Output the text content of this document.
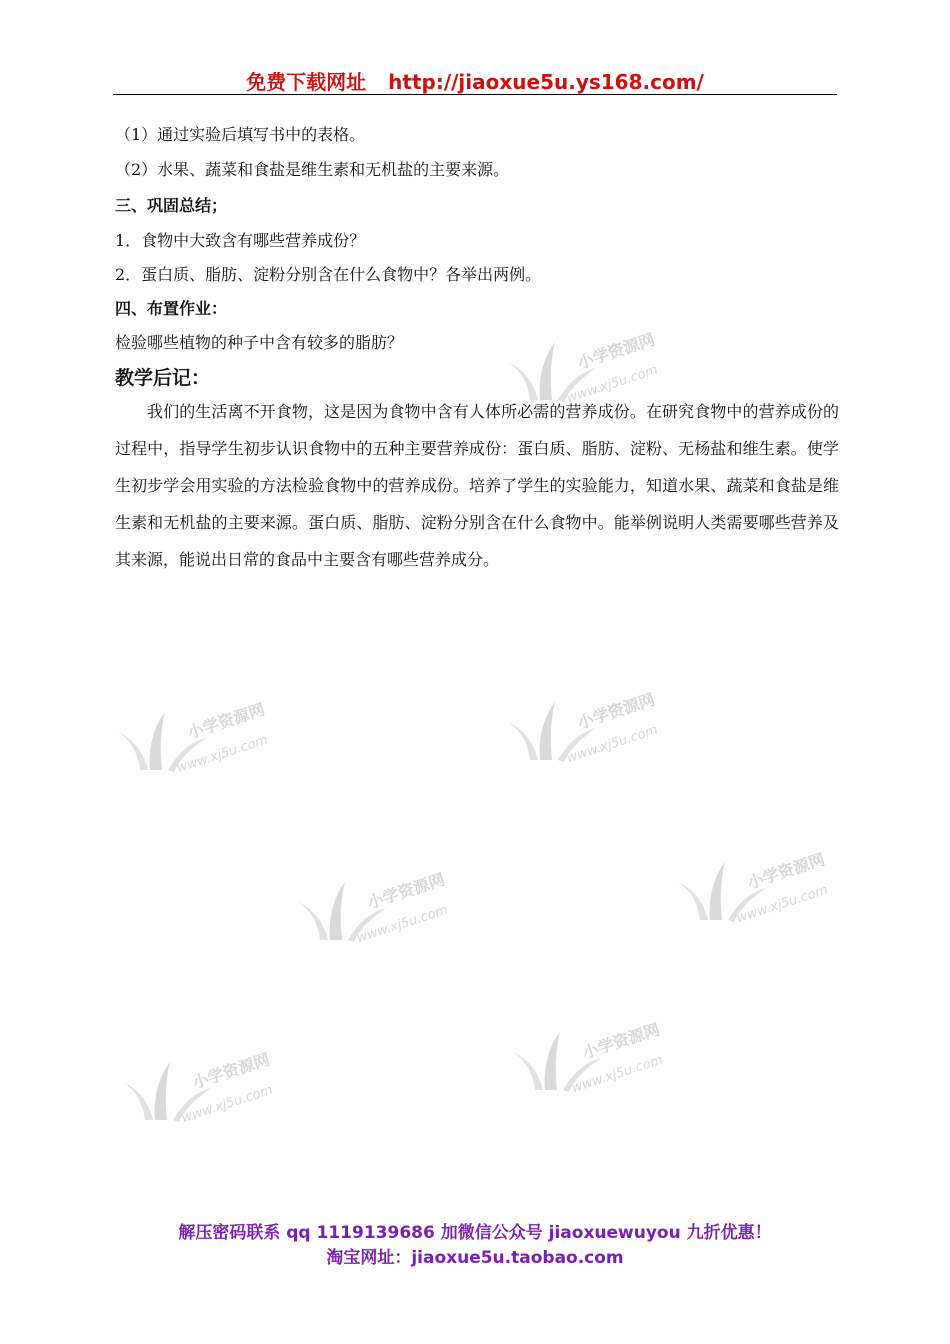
免费下载网址 http://jiaoxue5u.ys168.com/
（1）通过实验后填写书中的表格。
（2）水果、蔬菜和食盐是维生素和无机盐的主要来源。
三、巩固总结；
1．食物中大致含有哪些营养成份？
2．蛋白质、脂肪、淀粉分别含在什么食物中？各举出两例。
四、布置作业：
检验哪些植物的种子中含有较多的脂肪？
教学后记：

我们的生活离不开食物，这是因为食物中含有人体所必需的营养成份。在研究食物中的营养成份的过程中，指导学生初步认识食物中的五种主要营养成份：蛋白质、脂肪、淀粉、无杨盐和维生素。使学生初步学会用实验的方法检验食物中的营养成份。培养了学生的实验能力，知道水果、蔬菜和食盐是维生素和无机盐的主要来源。蛋白质、脂肪、淀粉分别含在什么食物中。能举例说明人类需要哪些营养及其来源，能说出日常的食品中主要含有哪些营养成分。

小学资源网
www.xj5u.com
小学资源网
www.xj5u.com
小学资源网
www.xj5u.com
小学资源网
www.xj5u.com
小学资源网
www.xj5u.com
小学资源网
www.xj5u.com
小学资源网
www.xj5u.com
解压密码联系 qq 1119139686 加微信公众号 jiaoxuewuyou 九折优惠！
淘宝网址：jiaoxue5u.taobao.com
